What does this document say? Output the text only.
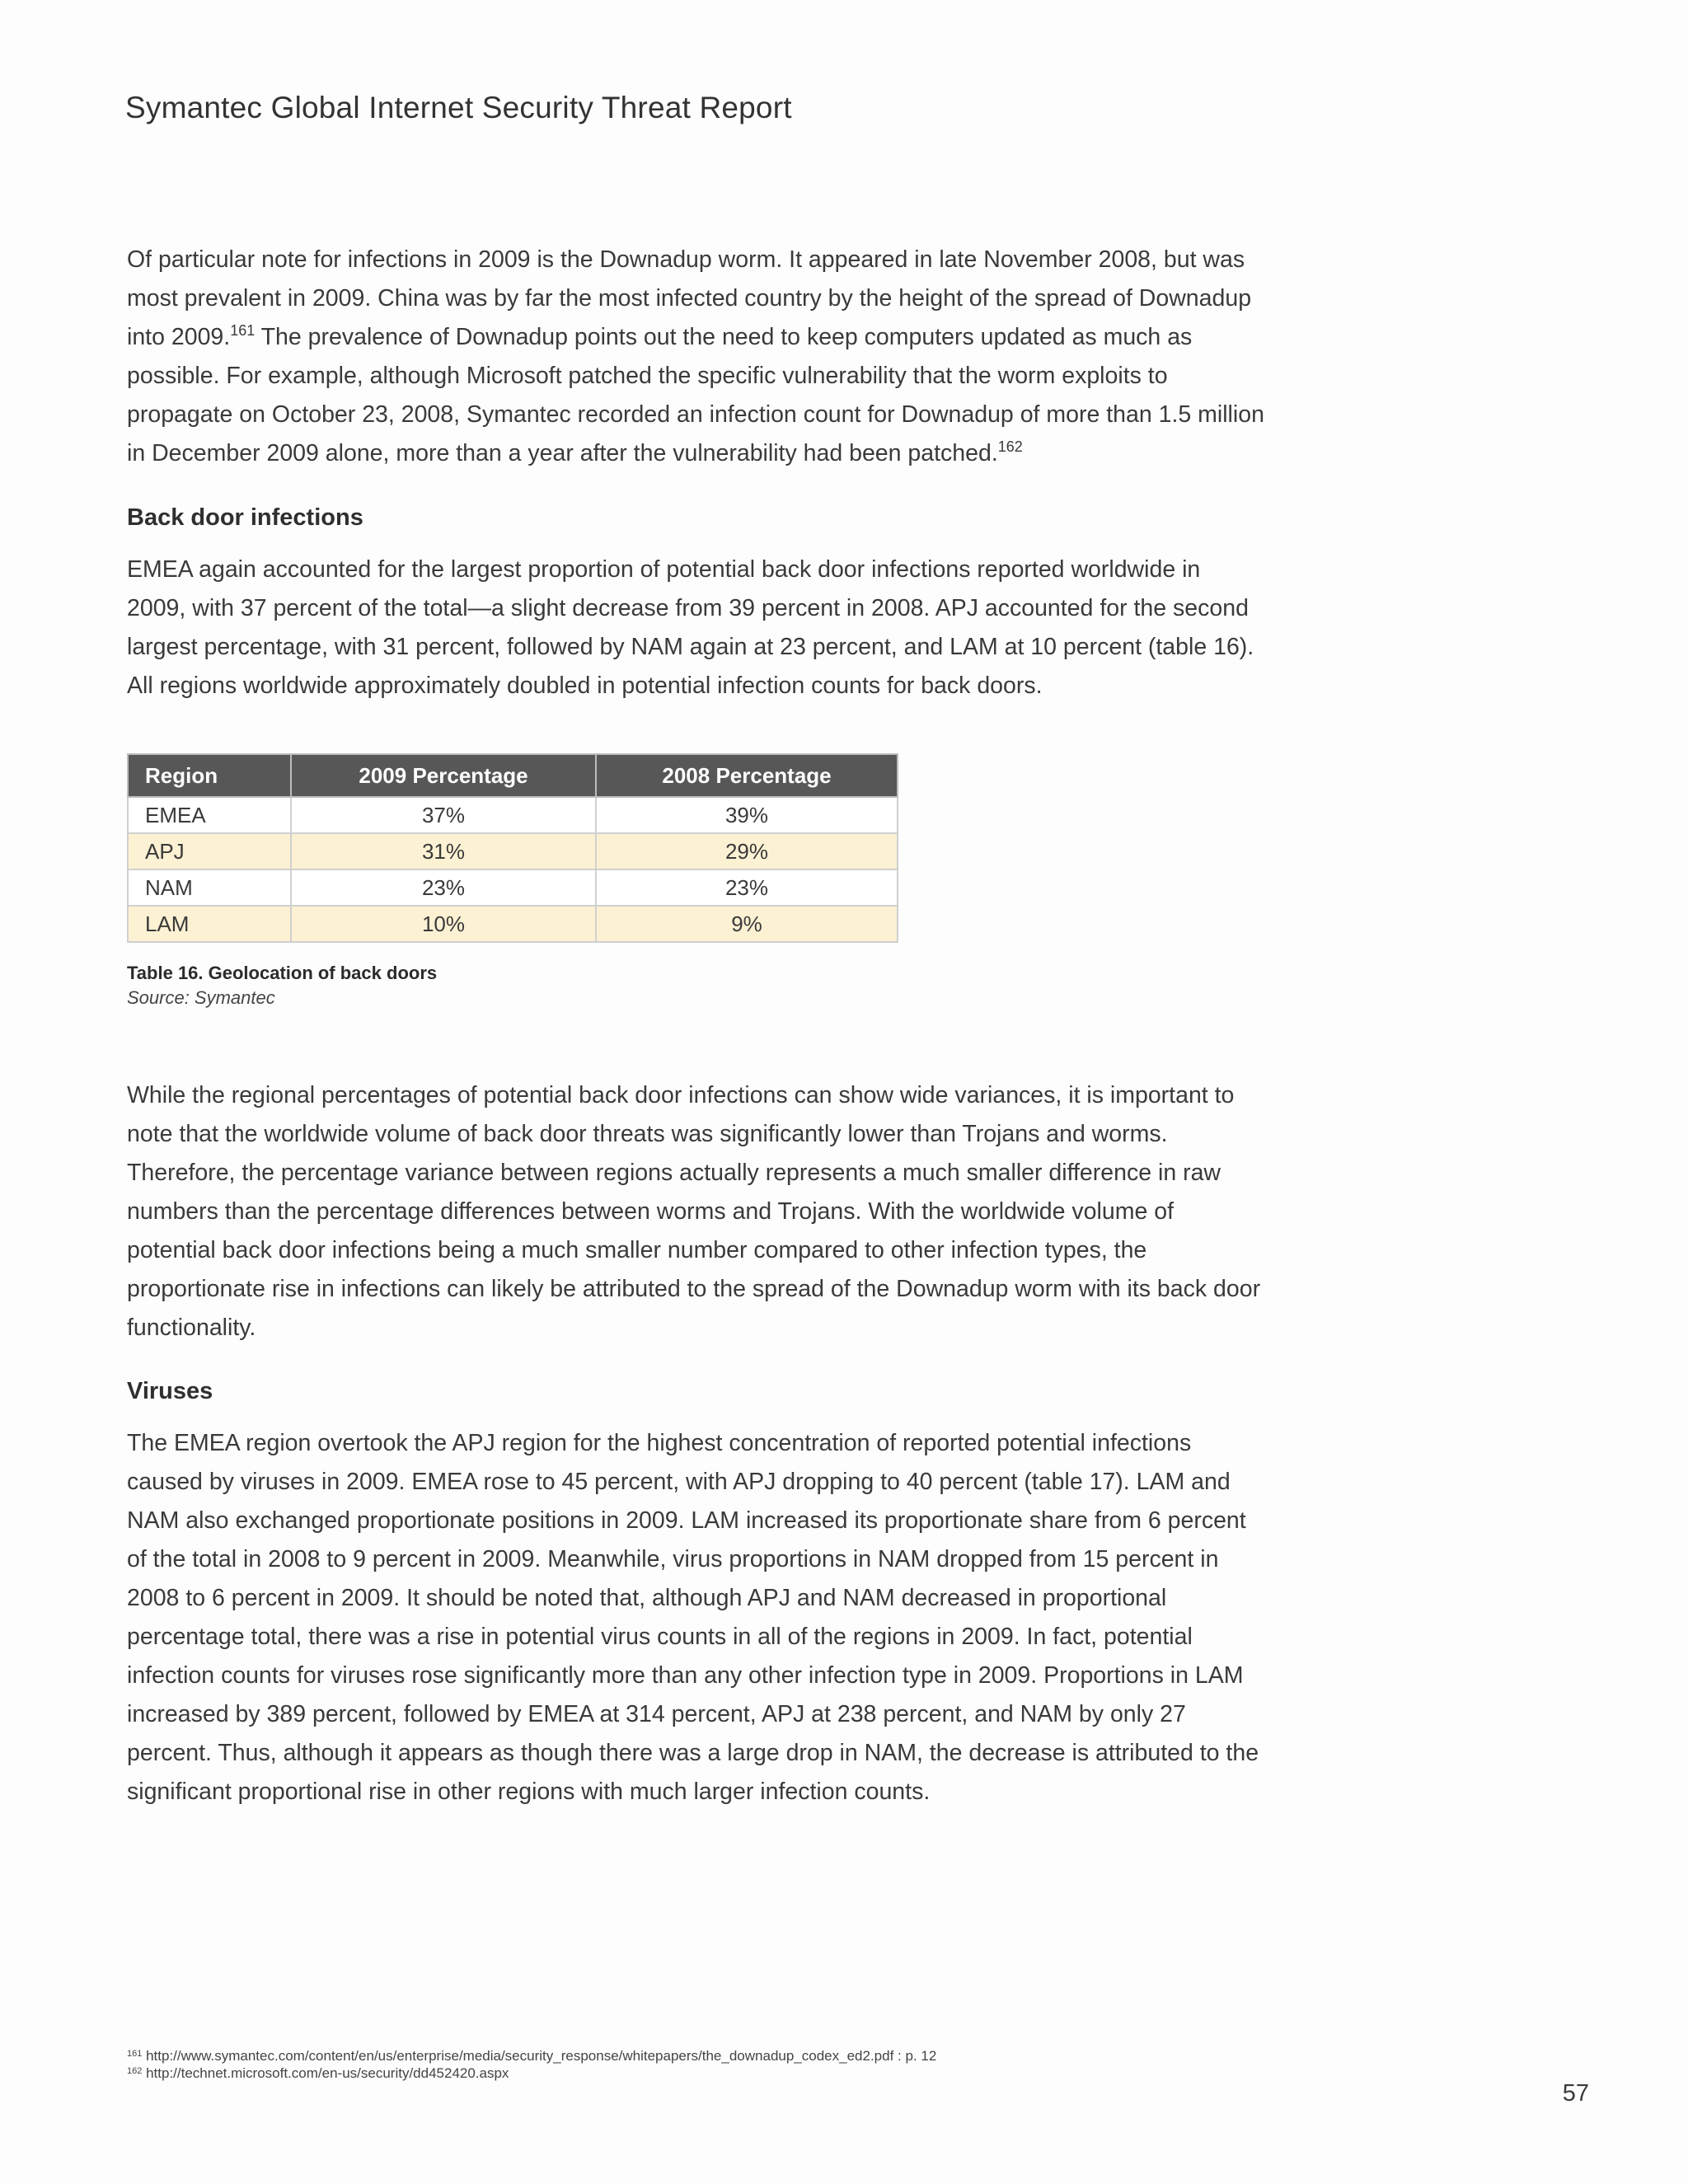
Symantec Global Internet Security Threat Report

Of particular note for infections in 2009 is the Downadup worm. It appeared in late November 2008, but was most prevalent in 2009. China was by far the most infected country by the height of the spread of Downadup into 2009.$^{161}$ The prevalence of Downadup points out the need to keep computers updated as much as possible. For example, although Microsoft patched the specific vulnerability that the worm exploits to propagate on October 23, 2008, Symantec recorded an infection count for Downadup of more than 1.5 million in December 2009 alone, more than a year after the vulnerability had been patched.$^{162}$

Back door infections

EMEA again accounted for the largest proportion of potential back door infections reported worldwide in 2009, with 37 percent of the total—a slight decrease from 39 percent in 2008. APJ accounted for the second largest percentage, with 31 percent, followed by NAM again at 23 percent, and LAM at 10 percent (table 16). All regions worldwide approximately doubled in potential infection counts for back doors.

Region	2009 Percentage	2008 Percentage
EMEA	37%	39%
APJ	31%	29%
NAM	23%	23%
LAM	10%	9%
Table 16. Geolocation of back doors
Source: Symantec

While the regional percentages of potential back door infections can show wide variances, it is important to note that the worldwide volume of back door threats was significantly lower than Trojans and worms. Therefore, the percentage variance between regions actually represents a much smaller difference in raw numbers than the percentage differences between worms and Trojans. With the worldwide volume of potential back door infections being a much smaller number compared to other infection types, the proportionate rise in infections can likely be attributed to the spread of the Downadup worm with its back door functionality.

Viruses

The EMEA region overtook the APJ region for the highest concentration of reported potential infections caused by viruses in 2009. EMEA rose to 45 percent, with APJ dropping to 40 percent (table 17). LAM and NAM also exchanged proportionate positions in 2009. LAM increased its proportionate share from 6 percent of the total in 2008 to 9 percent in 2009. Meanwhile, virus proportions in NAM dropped from 15 percent in 2008 to 6 percent in 2009. It should be noted that, although APJ and NAM decreased in proportional percentage total, there was a rise in potential virus counts in all of the regions in 2009. In fact, potential infection counts for viruses rose significantly more than any other infection type in 2009. Proportions in LAM increased by 389 percent, followed by EMEA at 314 percent, APJ at 238 percent, and NAM by only 27 percent. Thus, although it appears as though there was a large drop in NAM, the decrease is attributed to the significant proportional rise in other regions with much larger infection counts.

$^{161}$ http://www.symantec.com/content/en/us/enterprise/media/security_response/whitepapers/the_downadup_codex_ed2.pdf : p. 12
$^{162}$ http://technet.microsoft.com/en-us/security/dd452420.aspx
57
